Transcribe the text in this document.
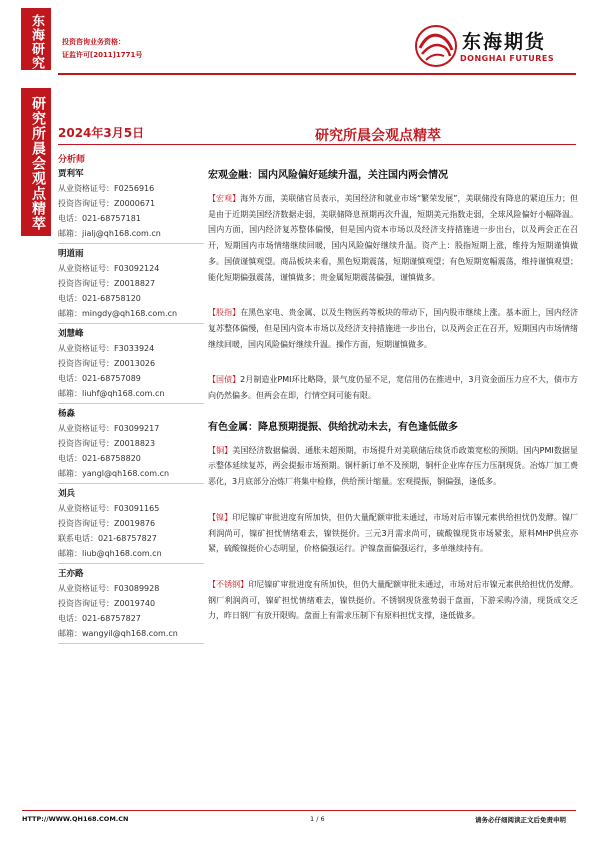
东海研究
研究所晨会观点精萃
投资咨询业务资格：
证监许可[2011]1771号
东海期货
DONGHAI FUTURES
2024年3月5日	研究所晨会观点精萃
分析师
贾利军
从业资格证号：F0256916
投资咨询证号：Z0000671
电话：021-68757181
邮箱：jialj@qh168.com.cn
明道雨
从业资格证号：F03092124
投资咨询证号：Z0018827
电话：021-68758120
邮箱：mingdy@qh168.com.cn
刘慧峰
从业资格证号：F3033924
投资咨询证号：Z0013026
电话：021-68757089
邮箱：liuhf@qh168.com.cn
杨淼
从业资格证号：F03099217
投资咨询证号：Z0018823
电话：021-68758820
邮箱：yangl@qh168.com.cn
刘兵
从业资格证号：F03091165
投资咨询证号：Z0019876
联系电话：021-68757827
邮箱：liub@qh168.com.cn
王亦路
从业资格证号：F03089928
投资咨询证号：Z0019740
电话：021-68757827
邮箱：wangyil@qh168.com.cn
宏观金融：国内风险偏好延续升温，关注国内两会情况
【宏观】海外方面，美联储官员表示，美国经济和就业市场“繁荣发展”，美联储没有降息的紧迫压力；但是由于近期美国经济数据走弱，美联储降息预期再次升温，短期美元指数走弱，全球风险偏好小幅降温。国内方面，国内经济复苏整体偏慢，但是国内资本市场以及经济支持措施进一步出台，以及两会正在召开，短期国内市场情绪继续回暖，国内风险偏好继续升温。资产上：股指短期上涨，维持为短期谨慎做多。国债谨慎观望。商品板块来看，黑色短期震荡，短期谨慎观望；有色短期宽幅震荡，维持谨慎观望；能化短期偏强震荡，谨慎做多；贵金属短期震荡偏强，谨慎做多。
【股指】在黑色家电、贵金属、以及生物医药等板块的带动下，国内股市继续上涨。基本面上，国内经济复苏整体偏慢，但是国内资本市场以及经济支持措施进一步出台，以及两会正在召开，短期国内市场情绪继续回暖，国内风险偏好继续升温。操作方面，短期谨慎做多。
【国债】2月制造业PMI环比略降，景气度仍显不足，宽信用仍在推进中，3月资金面压力应不大，债市方向仍然偏多。但两会在即，行情空间可能有限。
有色金属：降息预期提振、供给扰动未去，有色逢低做多
【铜】美国经济数据偏弱、通胀未超预期，市场提升对美联储后续货币政策宽松的预期。国内PMI数据显示整体延续复苏，两会提振市场预期。铜杆新订单不及预期，铜杆企业库存压力压制现货。冶炼厂加工费恶化，3月底部分冶炼厂将集中检修，供给预计缩量。宏观提振，铜偏强，逢低多。
【镍】印尼镍矿审批进度有所加快，但仍大量配额审批未通过，市场对后市镍元素供给担忧仍发酵。镍厂利润尚可，镍矿担忧情绪难去，镍铁挺价。三元3月需求尚可，硫酸镍现货市场紧张，原料MHP供应亦紧，硫酸镍挺价心态明显，价格偏强运行。沪镍盘面偏强运行，多单继续持有。
【不锈钢】印尼镍矿审批进度有所加快，但仍大量配额审批未通过，市场对后市镍元素供给担忧仍发酵。钢厂利润尚可，镍矿担忧情绪难去，镍铁挺价。不锈钢现货涨势弱于盘面，下游采购冷清，现货成交乏力，昨日钢厂有放开限购。盘面上有需求压制下有原料担忧支撑，逢低做多。
HTTP://WWW.QH168.COM.CN	1 / 6	请务必仔细阅读正文后免责申明
